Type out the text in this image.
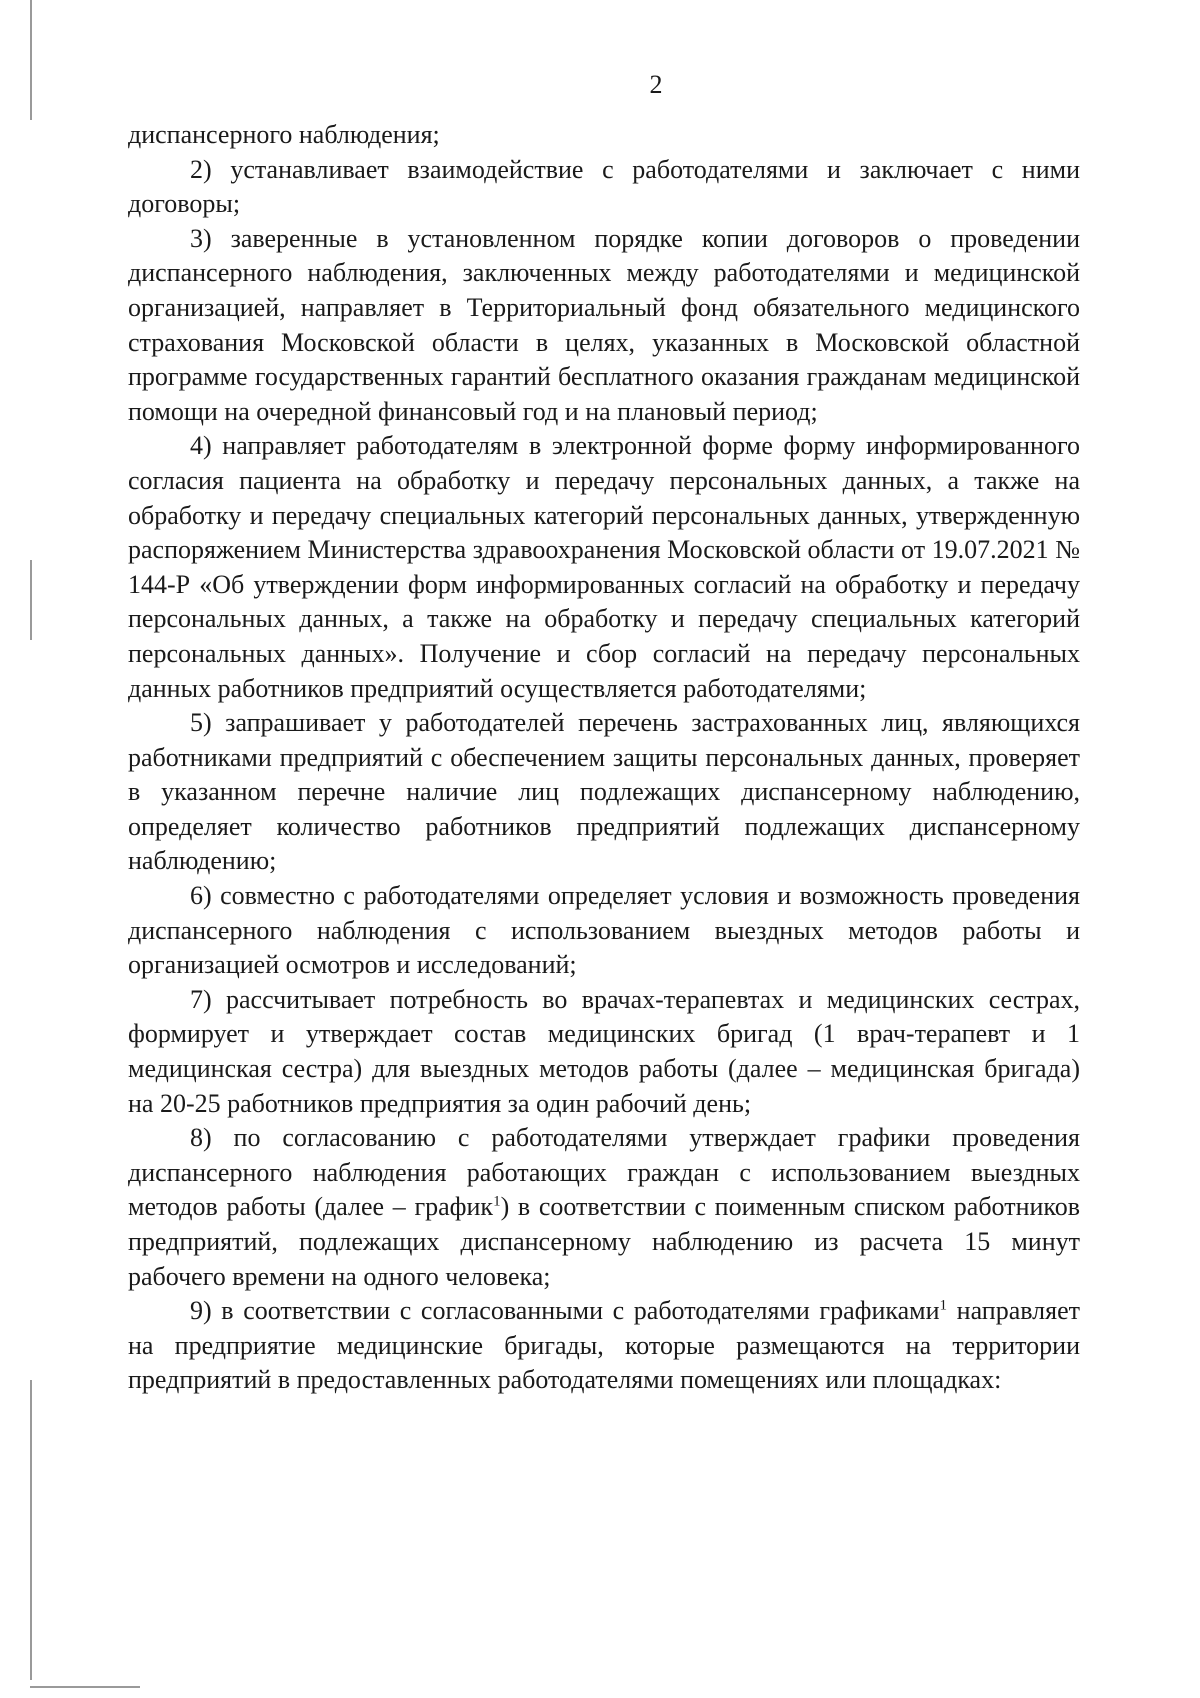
2

диспансерного наблюдения;

2) устанавливает взаимодействие с работодателями и заключает с ними договоры;

3) заверенные в установленном порядке копии договоров о проведении диспансерного наблюдения, заключенных между работодателями и медицинской организацией, направляет в Территориальный фонд обязательного медицинского страхования Московской области в целях, указанных в Московской областной программе государственных гарантий бесплатного оказания гражданам медицинской помощи на очередной финансовый год и на плановый период;

4) направляет работодателям в электронной форме форму информированного согласия пациента на обработку и передачу персональных данных, а также на обработку и передачу специальных категорий персональных данных, утвержденную распоряжением Министерства здравоохранения Московской области от 19.07.2021 № 144-Р «Об утверждении форм информированных согласий на обработку и передачу персональных данных, а также на обработку и передачу специальных категорий персональных данных». Получение и сбор согласий на передачу персональных данных работников предприятий осуществляется работодателями;

5) запрашивает у работодателей перечень застрахованных лиц, являющихся работниками предприятий с обеспечением защиты персональных данных, проверяет в указанном перечне наличие лиц подлежащих диспансерному наблюдению, определяет количество работников предприятий подлежащих диспансерному наблюдению;

6) совместно с работодателями определяет условия и возможность проведения диспансерного наблюдения с использованием выездных методов работы и организацией осмотров и исследований;

7) рассчитывает потребность во врачах-терапевтах и медицинских сестрах, формирует и утверждает состав медицинских бригад (1 врач-терапевт и 1 медицинская сестра) для выездных методов работы (далее – медицинская бригада) на 20-25 работников предприятия за один рабочий день;

8) по согласованию с работодателями утверждает графики проведения диспансерного наблюдения работающих граждан с использованием выездных методов работы (далее – график$^1$) в соответствии с поименным списком работников предприятий, подлежащих диспансерному наблюдению из расчета 15 минут рабочего времени на одного человека;

9) в соответствии с согласованными с работодателями графиками$^1$ направляет на предприятие медицинские бригады, которые размещаются на территории предприятий в предоставленных работодателями помещениях или площадках:
